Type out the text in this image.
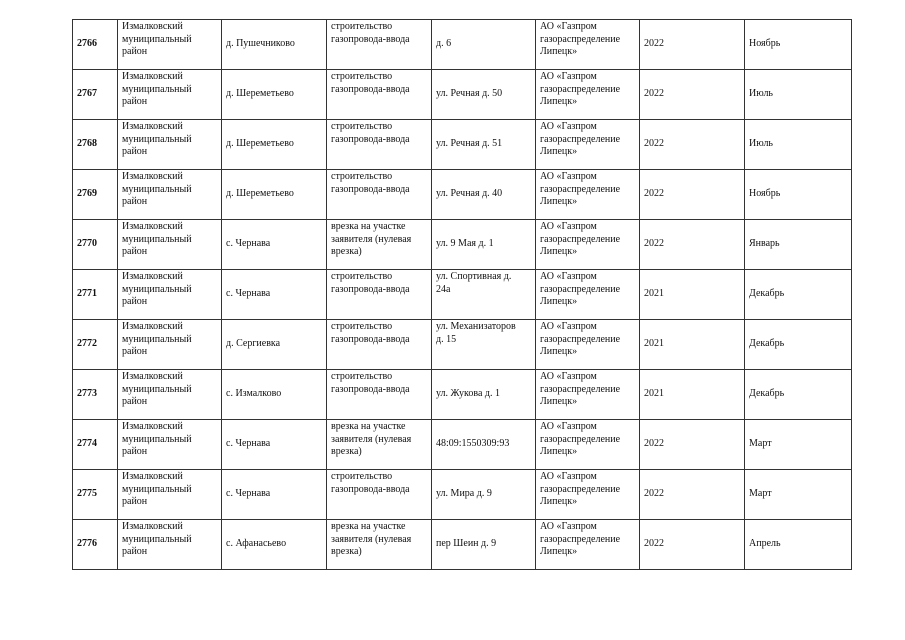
2766	Измалковский
муниципальный
район	д. Пушечниково	строительство
газопровода-ввода	д. 6	АО «Газпром
газораспределение
Липецк»	2022	Ноябрь
2767	Измалковский
муниципальный
район	д. Шереметьево	строительство
газопровода-ввода	ул. Речная д. 50	АО «Газпром
газораспределение
Липецк»	2022	Июль
2768	Измалковский
муниципальный
район	д. Шереметьево	строительство
газопровода-ввода	ул. Речная д. 51	АО «Газпром
газораспределение
Липецк»	2022	Июль
2769	Измалковский
муниципальный
район	д. Шереметьево	строительство
газопровода-ввода	ул. Речная д. 40	АО «Газпром
газораспределение
Липецк»	2022	Ноябрь
2770	Измалковский
муниципальный
район	с. Чернава	врезка на участке
заявителя (нулевая
врезка)	ул. 9 Мая д. 1	АО «Газпром
газораспределение
Липецк»	2022	Январь
2771	Измалковский
муниципальный
район	с. Чернава	строительство
газопровода-ввода	ул. Спортивная д.
24а	АО «Газпром
газораспределение
Липецк»	2021	Декабрь
2772	Измалковский
муниципальный
район	д. Сергиевка	строительство
газопровода-ввода	ул. Механизаторов
д. 15	АО «Газпром
газораспределение
Липецк»	2021	Декабрь
2773	Измалковский
муниципальный
район	с. Измалково	строительство
газопровода-ввода	ул. Жукова д. 1	АО «Газпром
газораспределение
Липецк»	2021	Декабрь
2774	Измалковский
муниципальный
район	с. Чернава	врезка на участке
заявителя (нулевая
врезка)	48:09:1550309:93	АО «Газпром
газораспределение
Липецк»	2022	Март
2775	Измалковский
муниципальный
район	с. Чернава	строительство
газопровода-ввода	ул. Мира д. 9	АО «Газпром
газораспределение
Липецк»	2022	Март
2776	Измалковский
муниципальный
район	с. Афанасьево	врезка на участке
заявителя (нулевая
врезка)	пер Шеин д. 9	АО «Газпром
газораспределение
Липецк»	2022	Апрель
